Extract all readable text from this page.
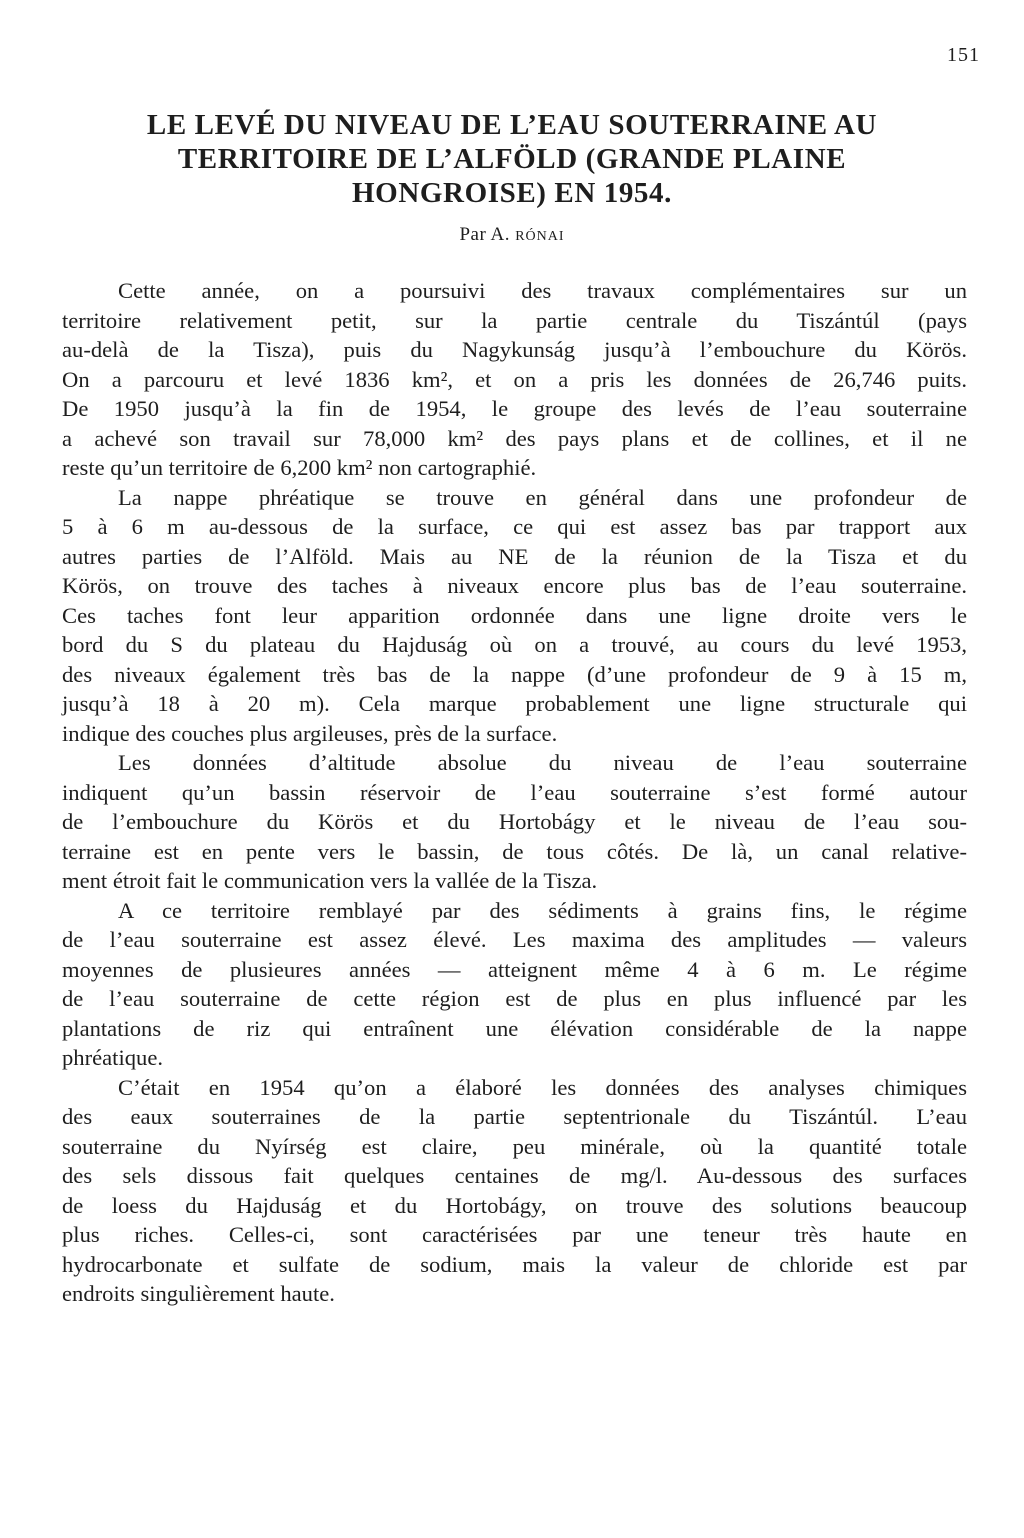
151
LE LEVÉ DU NIVEAU DE L’EAU SOUTERRAINE AU
TERRITOIRE DE L’ALFÖLD (GRANDE PLAINE
HONGROISE) EN 1954.
Par A. RÓNAI
Cette année, on a poursuivi des travaux complémentaires sur un
territoire relativement petit, sur la partie centrale du Tiszántúl (pays
au-delà de la Tisza), puis du Nagykunság jusqu’à l’embouchure du Körös.
On a parcouru et levé 1836 km², et on a pris les données de 26,746 puits.
De 1950 jusqu’à la fin de 1954, le groupe des levés de l’eau souterraine
a achevé son travail sur 78,000 km² des pays plans et de collines, et il ne
reste qu’un territoire de 6,200 km² non cartographié.
La nappe phréatique se trouve en général dans une profondeur de
5 à 6 m au-dessous de la surface, ce qui est assez bas par trapport aux
autres parties de l’Alföld. Mais au NE de la réunion de la Tisza et du
Körös, on trouve des taches à niveaux encore plus bas de l’eau souterraine.
Ces taches font leur apparition ordonnée dans une ligne droite vers le
bord du S du plateau du Hajduság où on a trouvé, au cours du levé 1953,
des niveaux également très bas de la nappe (d’une profondeur de 9 à 15 m,
jusqu’à 18 à 20 m). Cela marque probablement une ligne structurale qui
indique des couches plus argileuses, près de la surface.
Les données d’altitude absolue du niveau de l’eau souterraine
indiquent qu’un bassin réservoir de l’eau souterraine s’est formé autour
de l’embouchure du Körös et du Hortobágy et le niveau de l’eau sou-
terraine est en pente vers le bassin, de tous côtés. De là, un canal relative-
ment étroit fait le communication vers la vallée de la Tisza.
A ce territoire remblayé par des sédiments à grains fins, le régime
de l’eau souterraine est assez élevé. Les maxima des amplitudes — valeurs
moyennes de plusieures années — atteignent même 4 à 6 m. Le régime
de l’eau souterraine de cette région est de plus en plus influencé par les
plantations de riz qui entraînent une élévation considérable de la nappe
phréatique.
C’était en 1954 qu’on a élaboré les données des analyses chimiques
des eaux souterraines de la partie septentrionale du Tiszántúl. L’eau
souterraine du Nyírség est claire, peu minérale, où la quantité totale
des sels dissous fait quelques centaines de mg/l. Au-dessous des surfaces
de loess du Hajduság et du Hortobágy, on trouve des solutions beaucoup
plus riches. Celles-ci, sont caractérisées par une teneur très haute en
hydrocarbonate et sulfate de sodium, mais la valeur de chloride est par
endroits singulièrement haute.
